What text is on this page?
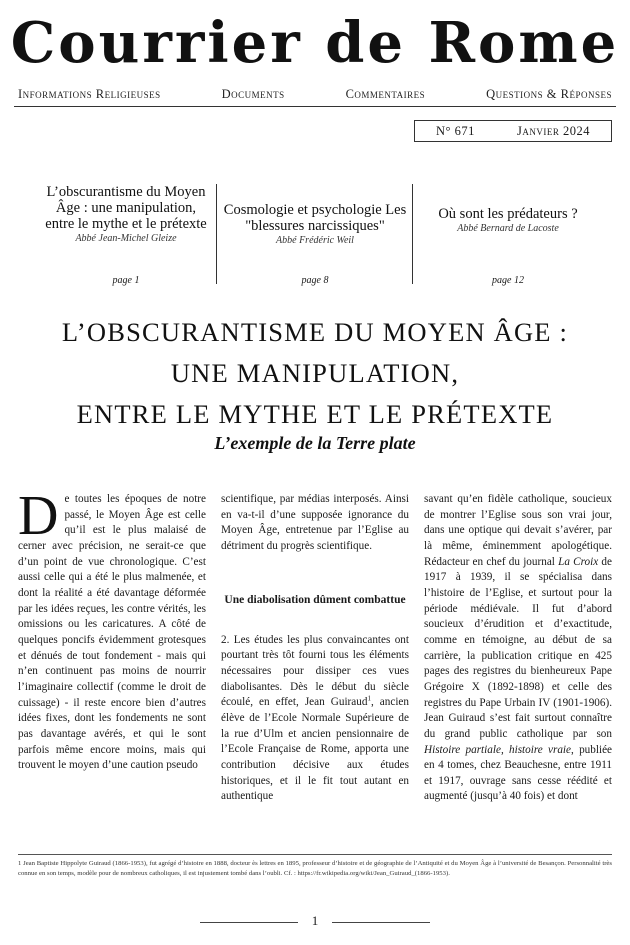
Courrier de Rome
Informations Religieuses	Documents	Commentaires	Questions & Réponses
N° 671	Janvier 2024
L’obscurantisme du Moyen Âge : une manipulation, entre le mythe et le prétexte
Abbé Jean-Michel Gleize
page 1
Cosmologie et psychologie Les "blessures narcissiques"
Abbé Frédéric Weil
page 8
Où sont les prédateurs ?
Abbé Bernard de Lacoste
page 12
L’OBSCURANTISME DU MOYEN ÂGE :
UNE MANIPULATION,
ENTRE LE MYTHE ET LE PRÉTEXTE
L’exemple de la Terre plate

De toutes les époques de notre passé, le Moyen Âge est celle qu’il est le plus malaisé de cerner avec précision, ne serait-ce que d’un point de vue chronologique. C’est aussi celle qui a été le plus malmenée, et dont la réalité a été davantage déformée par les idées reçues, les contre vérités, les omissions ou les caricatures. A côté de quelques poncifs évidemment grotesques et dénués de tout fondement - mais qui n’en continuent pas moins de nourrir l’imaginaire collectif (comme le droit de cuissage) - il reste encore bien d’autres idées fixes, dont les fondements ne sont pas davantage avérés, et qui le sont parfois même encore moins, mais qui trouvent le moyen d’une caution pseudo

scientifique, par médias interposés. Ainsi en va-t-il d’une supposée ignorance du Moyen Âge, entretenue par l’Eglise au détriment du progrès scientifique.

Une diabolisation dûment combattue

2. Les études les plus convaincantes ont pourtant très tôt fourni tous les éléments nécessaires pour dissiper ces vues diabolisantes. Dès le début du siècle écoulé, en effet, Jean Guiraud$^1$, ancien élève de l’Ecole Normale Supérieure de la rue d’Ulm et ancien pensionnaire de l’Ecole Française de Rome, apporta une contribution décisive aux études historiques, et il le fit tout autant en authentique

savant qu’en fidèle catholique, soucieux de montrer l’Eglise sous son vrai jour, dans une optique qui devait s’avérer, par là même, éminemment apologétique. Rédacteur en chef du journal La Croix de 1917 à 1939, il se spécialisa dans l’histoire de l’Eglise, et surtout pour la période médiévale. Il fut d’abord soucieux d’érudition et d’exactitude, comme en témoigne, au début de sa carrière, la publication critique en 425 pages des registres du bienheureux Pape Grégoire X (1892-1898) et celle des registres du Pape Urbain IV (1901-1906). Jean Guiraud s’est fait surtout connaître du grand public catholique par son Histoire partiale, histoire vraie, publiée en 4 tomes, chez Beauchesne, entre 1911 et 1917, ouvrage sans cesse réédité et augmenté (jusqu’à 40 fois) et dont

1 Jean Baptiste Hippolyte Guiraud (1866-1953), fut agrégé d’histoire en 1888, docteur ès lettres en 1895, professeur d’histoire et de géographie de l’Antiquité et du Moyen Âge à l’université de Besançon. Personnalité très connue en son temps, modèle pour de nombreux catholiques, il est injustement tombé dans l’oubli. Cf. : https://fr.wikipedia.org/wiki/Jean_Guiraud_(1866-1953).
1
